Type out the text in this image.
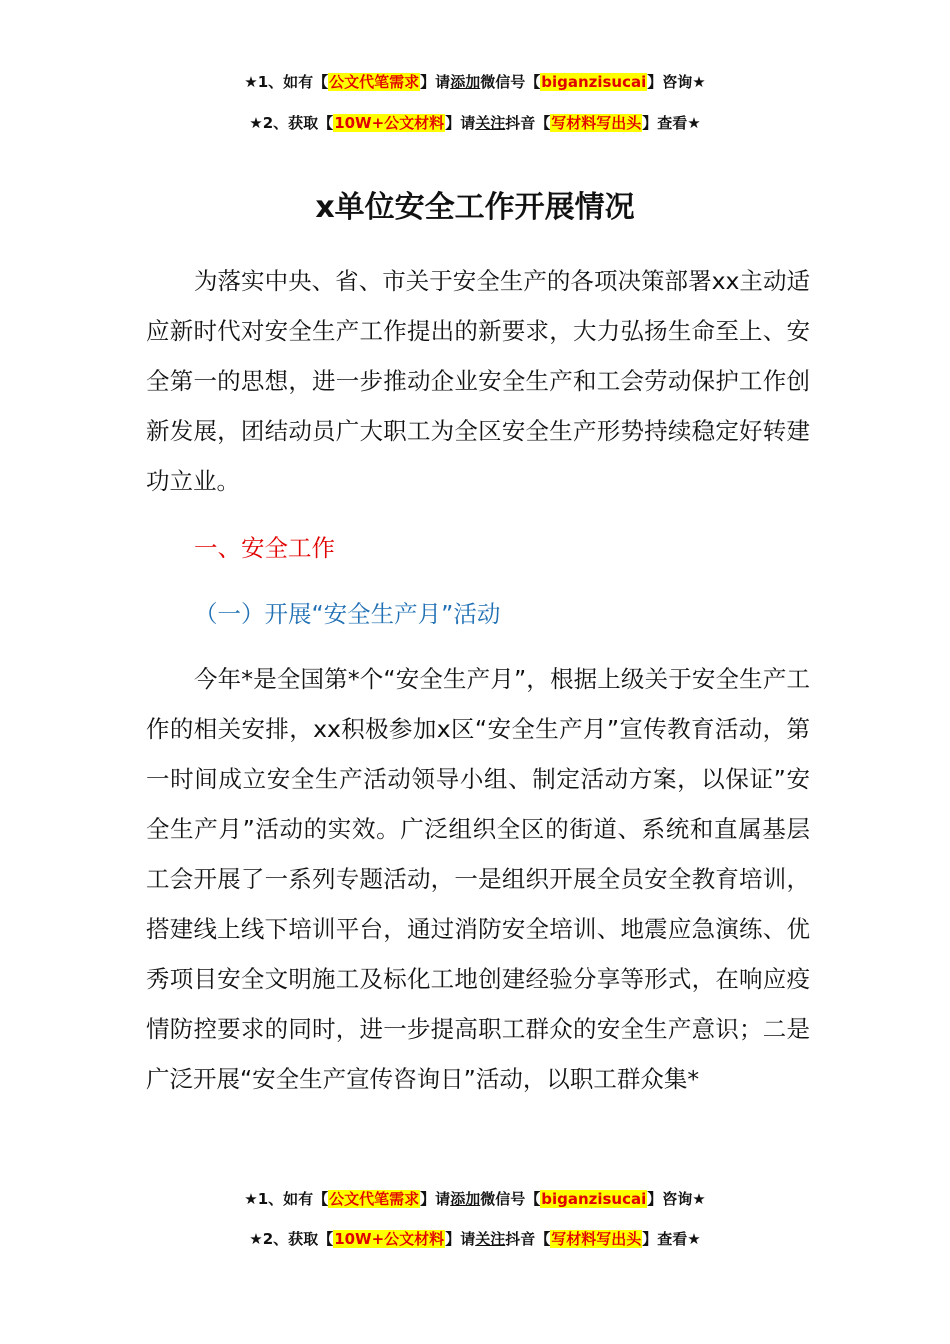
★1、如有【公文代笔需求】请添加微信号【biganzisucai】咨询★
★2、获取【10W+公文材料】请关注抖音【写材料写出头】查看★
x单位安全工作开展情况

为落实中央、省、市关于安全生产的各项决策部署xx主动适应新时代对安全生产工作提出的新要求，大力弘扬生命至上、安全第一的思想，进一步推动企业安全生产和工会劳动保护工作创新发展，团结动员广大职工为全区安全生产形势持续稳定好转建功立业。

一、安全工作

（一）开展“安全生产月”活动

今年*是全国第*个“安全生产月”，根据上级关于安全生产工作的相关安排，xx积极参加x区“安全生产月”宣传教育活动，第一时间成立安全生产活动领导小组、制定活动方案，以保证”安全生产月”活动的实效。广泛组织全区的街道、系统和直属基层工会开展了一系列专题活动，一是组织开展全员安全教育培训，搭建线上线下培训平台，通过消防安全培训、地震应急演练、优秀项目安全文明施工及标化工地创建经验分享等形式，在响应疫情防控要求的同时，进一步提高职工群众的安全生产意识；二是广泛开展“安全生产宣传咨询日”活动，以职工群众集*

★1、如有【公文代笔需求】请添加微信号【biganzisucai】咨询★
★2、获取【10W+公文材料】请关注抖音【写材料写出头】查看★
